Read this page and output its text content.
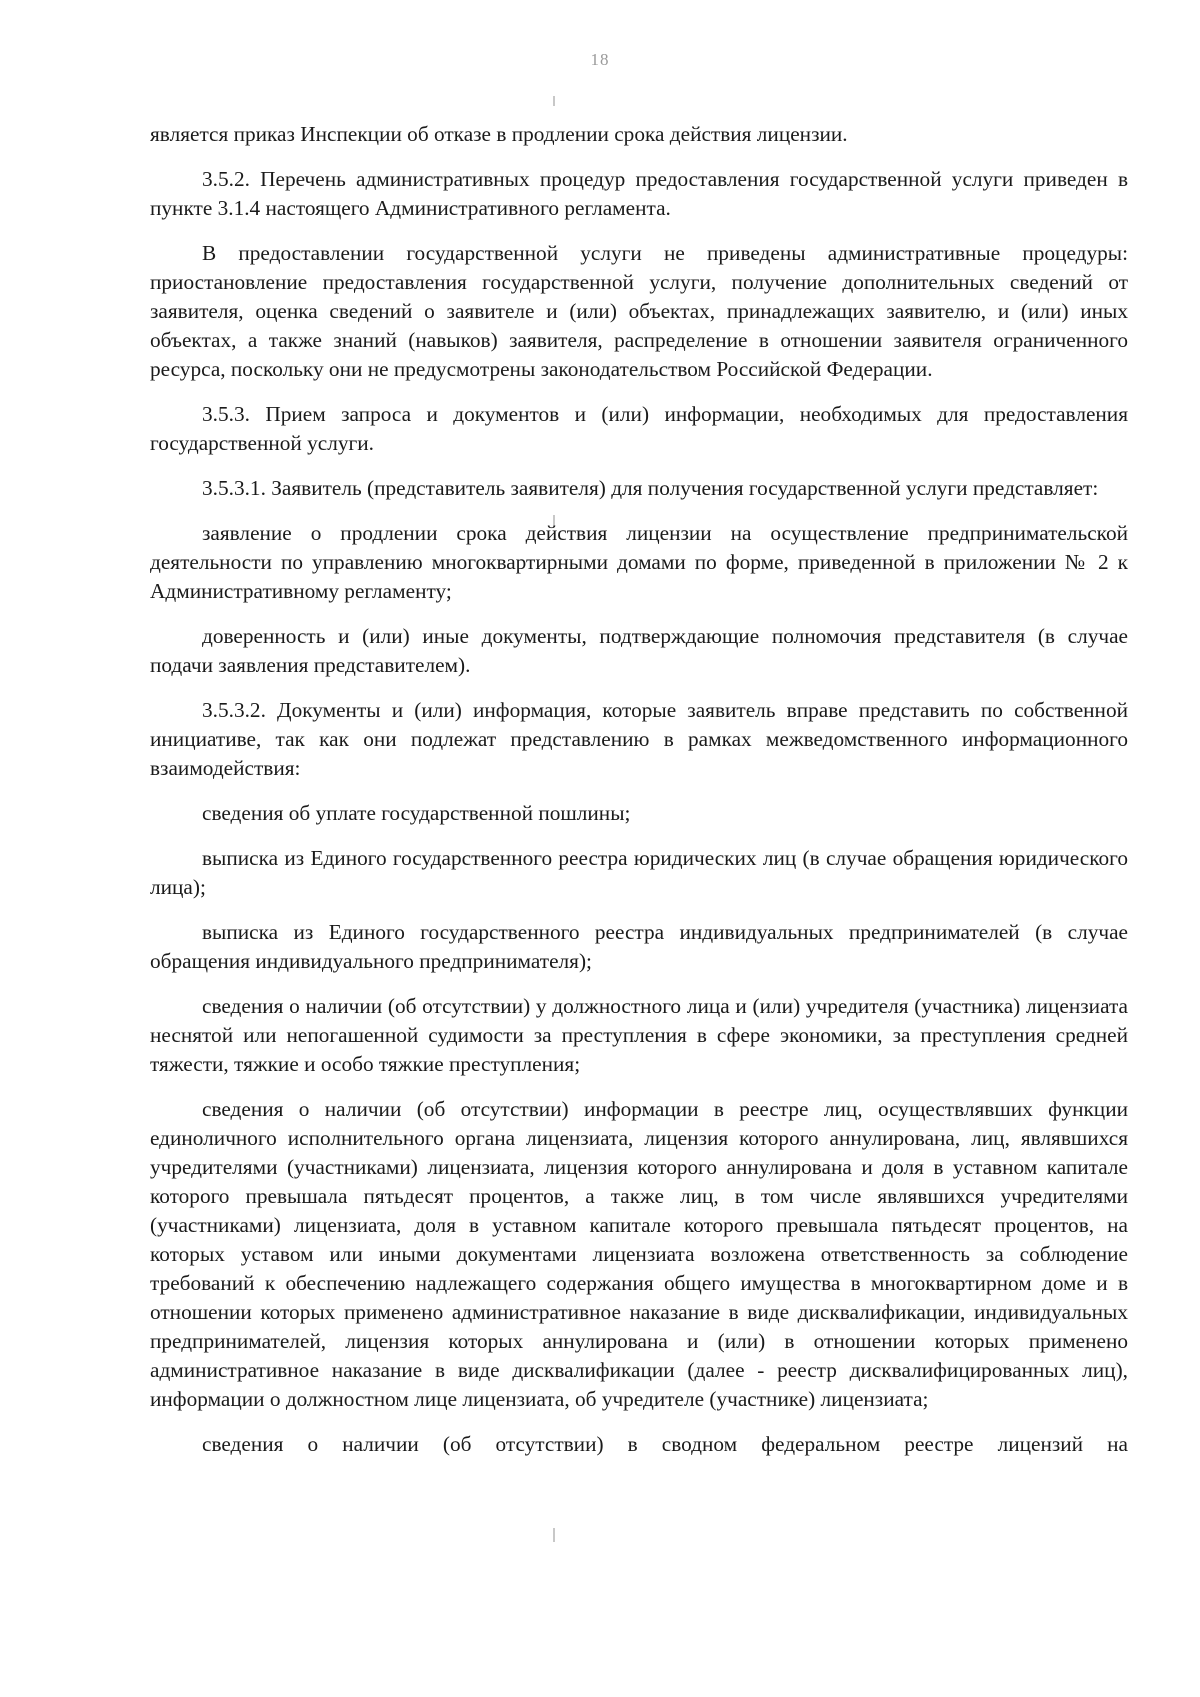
18

является приказ Инспекции об отказе в продлении срока действия лицензии.

3.5.2. Перечень административных процедур предоставления государственной услуги приведен в пункте 3.1.4 настоящего Административного регламента.

В предоставлении государственной услуги не приведены административные процедуры: приостановление предоставления государственной услуги, получение дополнительных сведений от заявителя, оценка сведений о заявителе и (или) объектах, принадлежащих заявителю, и (или) иных объектах, а также знаний (навыков) заявителя, распределение в отношении заявителя ограниченного ресурса, поскольку они не предусмотрены законодательством Российской Федерации.

3.5.3. Прием запроса и документов и (или) информации, необходимых для предоставления государственной услуги.

3.5.3.1. Заявитель (представитель заявителя) для получения государственной услуги представляет:

заявление о продлении срока действия лицензии на осуществление предпринимательской деятельности по управлению многоквартирными домами по форме, приведенной в приложении № 2 к Административному регламенту;

доверенность и (или) иные документы, подтверждающие полномочия представителя (в случае подачи заявления представителем).

3.5.3.2. Документы и (или) информация, которые заявитель вправе представить по собственной инициативе, так как они подлежат представлению в рамках межведомственного информационного взаимодействия:

сведения об уплате государственной пошлины;

выписка из Единого государственного реестра юридических лиц (в случае обращения юридического лица);

выписка из Единого государственного реестра индивидуальных предпринимателей (в случае обращения индивидуального предпринимателя);

сведения о наличии (об отсутствии) у должностного лица и (или) учредителя (участника) лицензиата неснятой или непогашенной судимости за преступления в сфере экономики, за преступления средней тяжести, тяжкие и особо тяжкие преступления;

сведения о наличии (об отсутствии) информации в реестре лиц, осуществлявших функции единоличного исполнительного органа лицензиата, лицензия которого аннулирована, лиц, являвшихся учредителями (участниками) лицензиата, лицензия которого аннулирована и доля в уставном капитале которого превышала пятьдесят процентов, а также лиц, в том числе являвшихся учредителями (участниками) лицензиата, доля в уставном капитале которого превышала пятьдесят процентов, на которых уставом или иными документами лицензиата возложена ответственность за соблюдение требований к обеспечению надлежащего содержания общего имущества в многоквартирном доме и в отношении которых применено административное наказание в виде дисквалификации, индивидуальных предпринимателей, лицензия которых аннулирована и (или) в отношении которых применено административное наказание в виде дисквалификации (далее - реестр дисквалифицированных лиц), информации о должностном лице лицензиата, об учредителе (участнике) лицензиата;

сведения о наличии (об отсутствии) в сводном федеральном реестре лицензий на
